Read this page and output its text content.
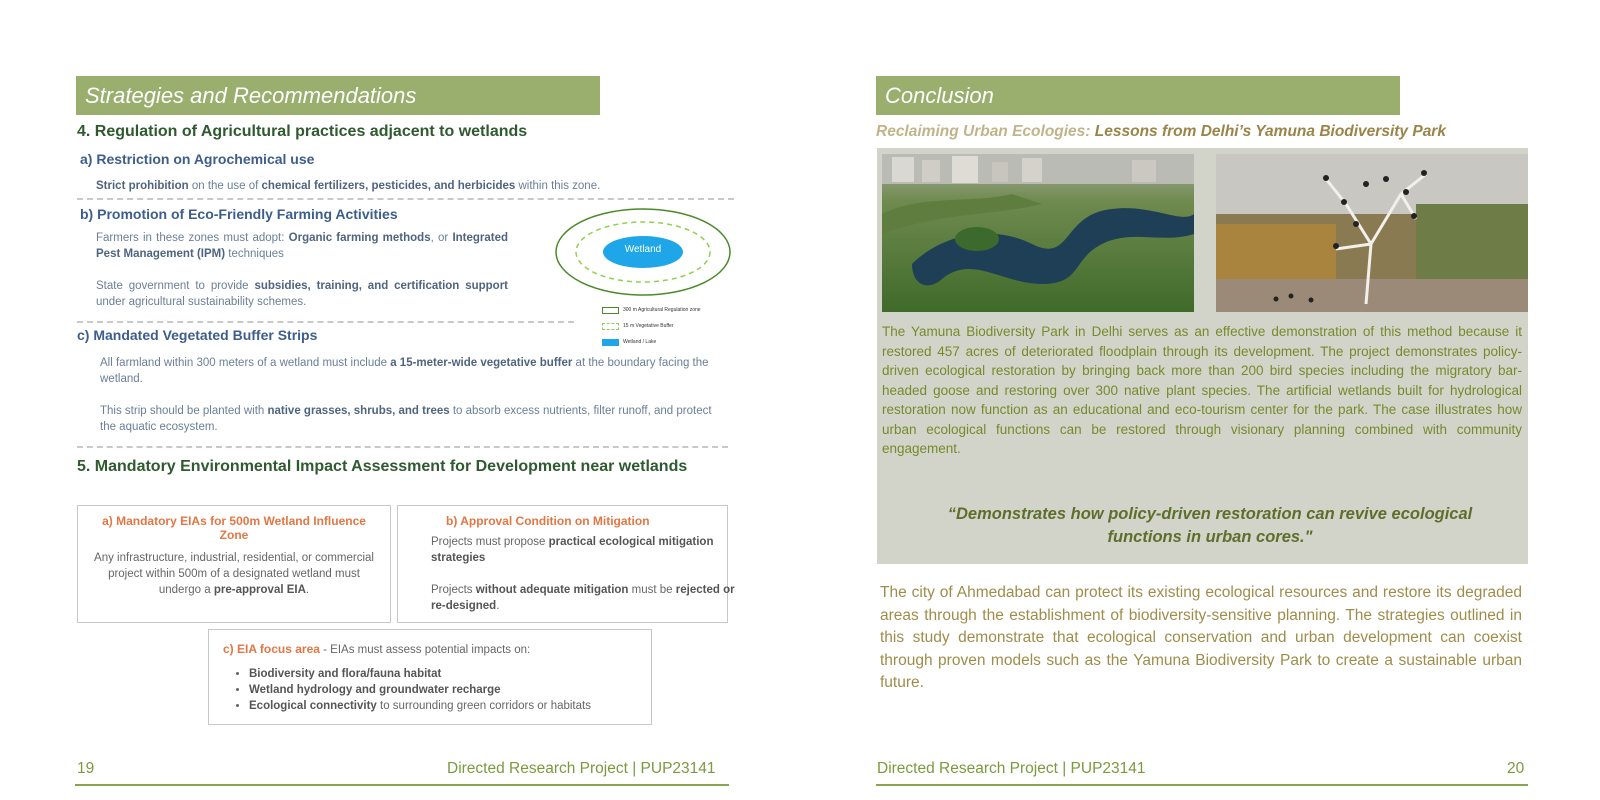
Strategies and Recommendations
4. Regulation of Agricultural practices adjacent to wetlands
a) Restriction on Agrochemical use
Strict prohibition on the use of chemical fertilizers, pesticides, and herbicides within this zone.
b) Promotion of Eco-Friendly Farming Activities
Farmers in these zones must adopt: Organic farming methods, or Integrated Pest Management (IPM) techniques
State government to provide subsidies, training, and certification support under agricultural sustainability schemes.
Wetland
300 m Agricultural Regulation zone
15 m Vegetative Buffer
Wetland / Lake
c) Mandated Vegetated Buffer Strips
All farmland within 300 meters of a wetland must include a 15-meter-wide vegetative buffer at the boundary facing the wetland.
This strip should be planted with native grasses, shrubs, and trees to absorb excess nutrients, filter runoff, and protect the aquatic ecosystem.
5. Mandatory Environmental Impact Assessment for Development near wetlands
a) Mandatory EIAs for 500m Wetland Influence Zone
Any infrastructure, industrial, residential, or commercial project within 500m of a designated wetland must undergo a pre-approval EIA.
b) Approval Condition on Mitigation
Projects must propose practical ecological mitigation strategies
Projects without adequate mitigation must be rejected or re-designed.
c) EIA focus area - EIAs must assess potential impacts on:
• Biodiversity and flora/fauna habitat
• Wetland hydrology and groundwater recharge
• Ecological connectivity to surrounding green corridors or habitats
19	Directed Research Project | PUP23141
Conclusion
Reclaiming Urban Ecologies: Lessons from Delhi’s Yamuna Biodiversity Park
The Yamuna Biodiversity Park in Delhi serves as an effective demonstration of this method because it restored 457 acres of deteriorated floodplain through its development. The project demonstrates policy-driven ecological restoration by bringing back more than 200 bird species including the migratory bar-headed goose and restoring over 300 native plant species. The artificial wetlands built for hydrological restoration now function as an educational and eco-tourism center for the park. The case illustrates how urban ecological functions can be restored through visionary planning combined with community engagement.
“Demonstrates how policy-driven restoration can revive ecological functions in urban cores."
The city of Ahmedabad can protect its existing ecological resources and restore its degraded areas through the establishment of biodiversity-sensitive planning. The strategies outlined in this study demonstrate that ecological conservation and urban development can coexist through proven models such as the Yamuna Biodiversity Park to create a sustainable urban future.
Directed Research Project | PUP23141	20
